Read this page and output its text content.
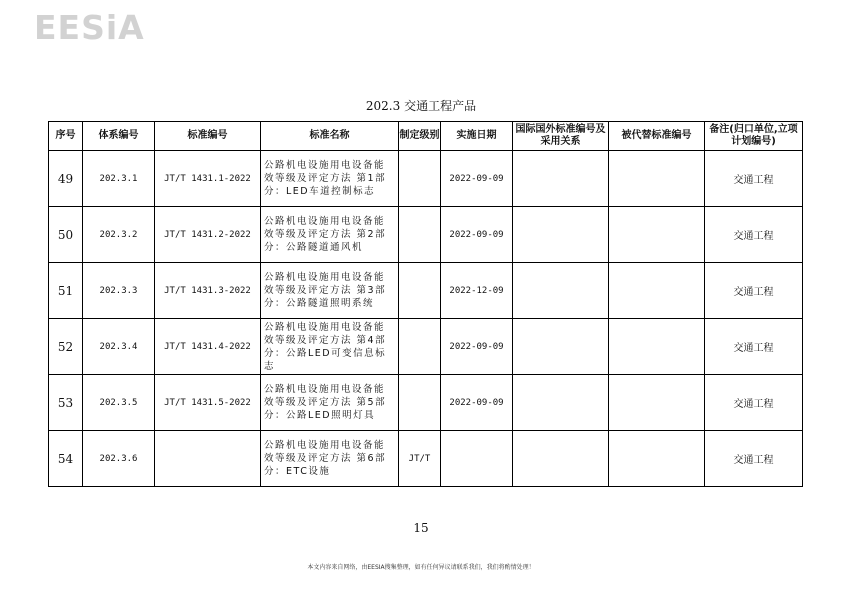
EESiA
202.3 交通工程产品
序号	体系编号	标准编号	标准名称	制定级别	实施日期	国际国外标准编号及采用关系	被代替标准编号	备注(归口单位,立项计划编号)
49	202.3.1	JT/T 1431.1-2022	公路机电设施用电设备能效等级及评定方法 第1部分：LED车道控制标志		2022-09-09			交通工程
50	202.3.2	JT/T 1431.2-2022	公路机电设施用电设备能效等级及评定方法 第2部分：公路隧道通风机		2022-09-09			交通工程
51	202.3.3	JT/T 1431.3-2022	公路机电设施用电设备能效等级及评定方法 第3部分：公路隧道照明系统		2022-12-09			交通工程
52	202.3.4	JT/T 1431.4-2022	公路机电设施用电设备能效等级及评定方法 第4部分：公路LED可变信息标志		2022-09-09			交通工程
53	202.3.5	JT/T 1431.5-2022	公路机电设施用电设备能效等级及评定方法 第5部分：公路LED照明灯具		2022-09-09			交通工程
54	202.3.6		公路机电设施用电设备能效等级及评定方法 第6部分：ETC设施	JT/T				交通工程
15
本文内容来自网络，由EESIA搜集整理，如有任何异议请联系我们，我们将酌情处理！
